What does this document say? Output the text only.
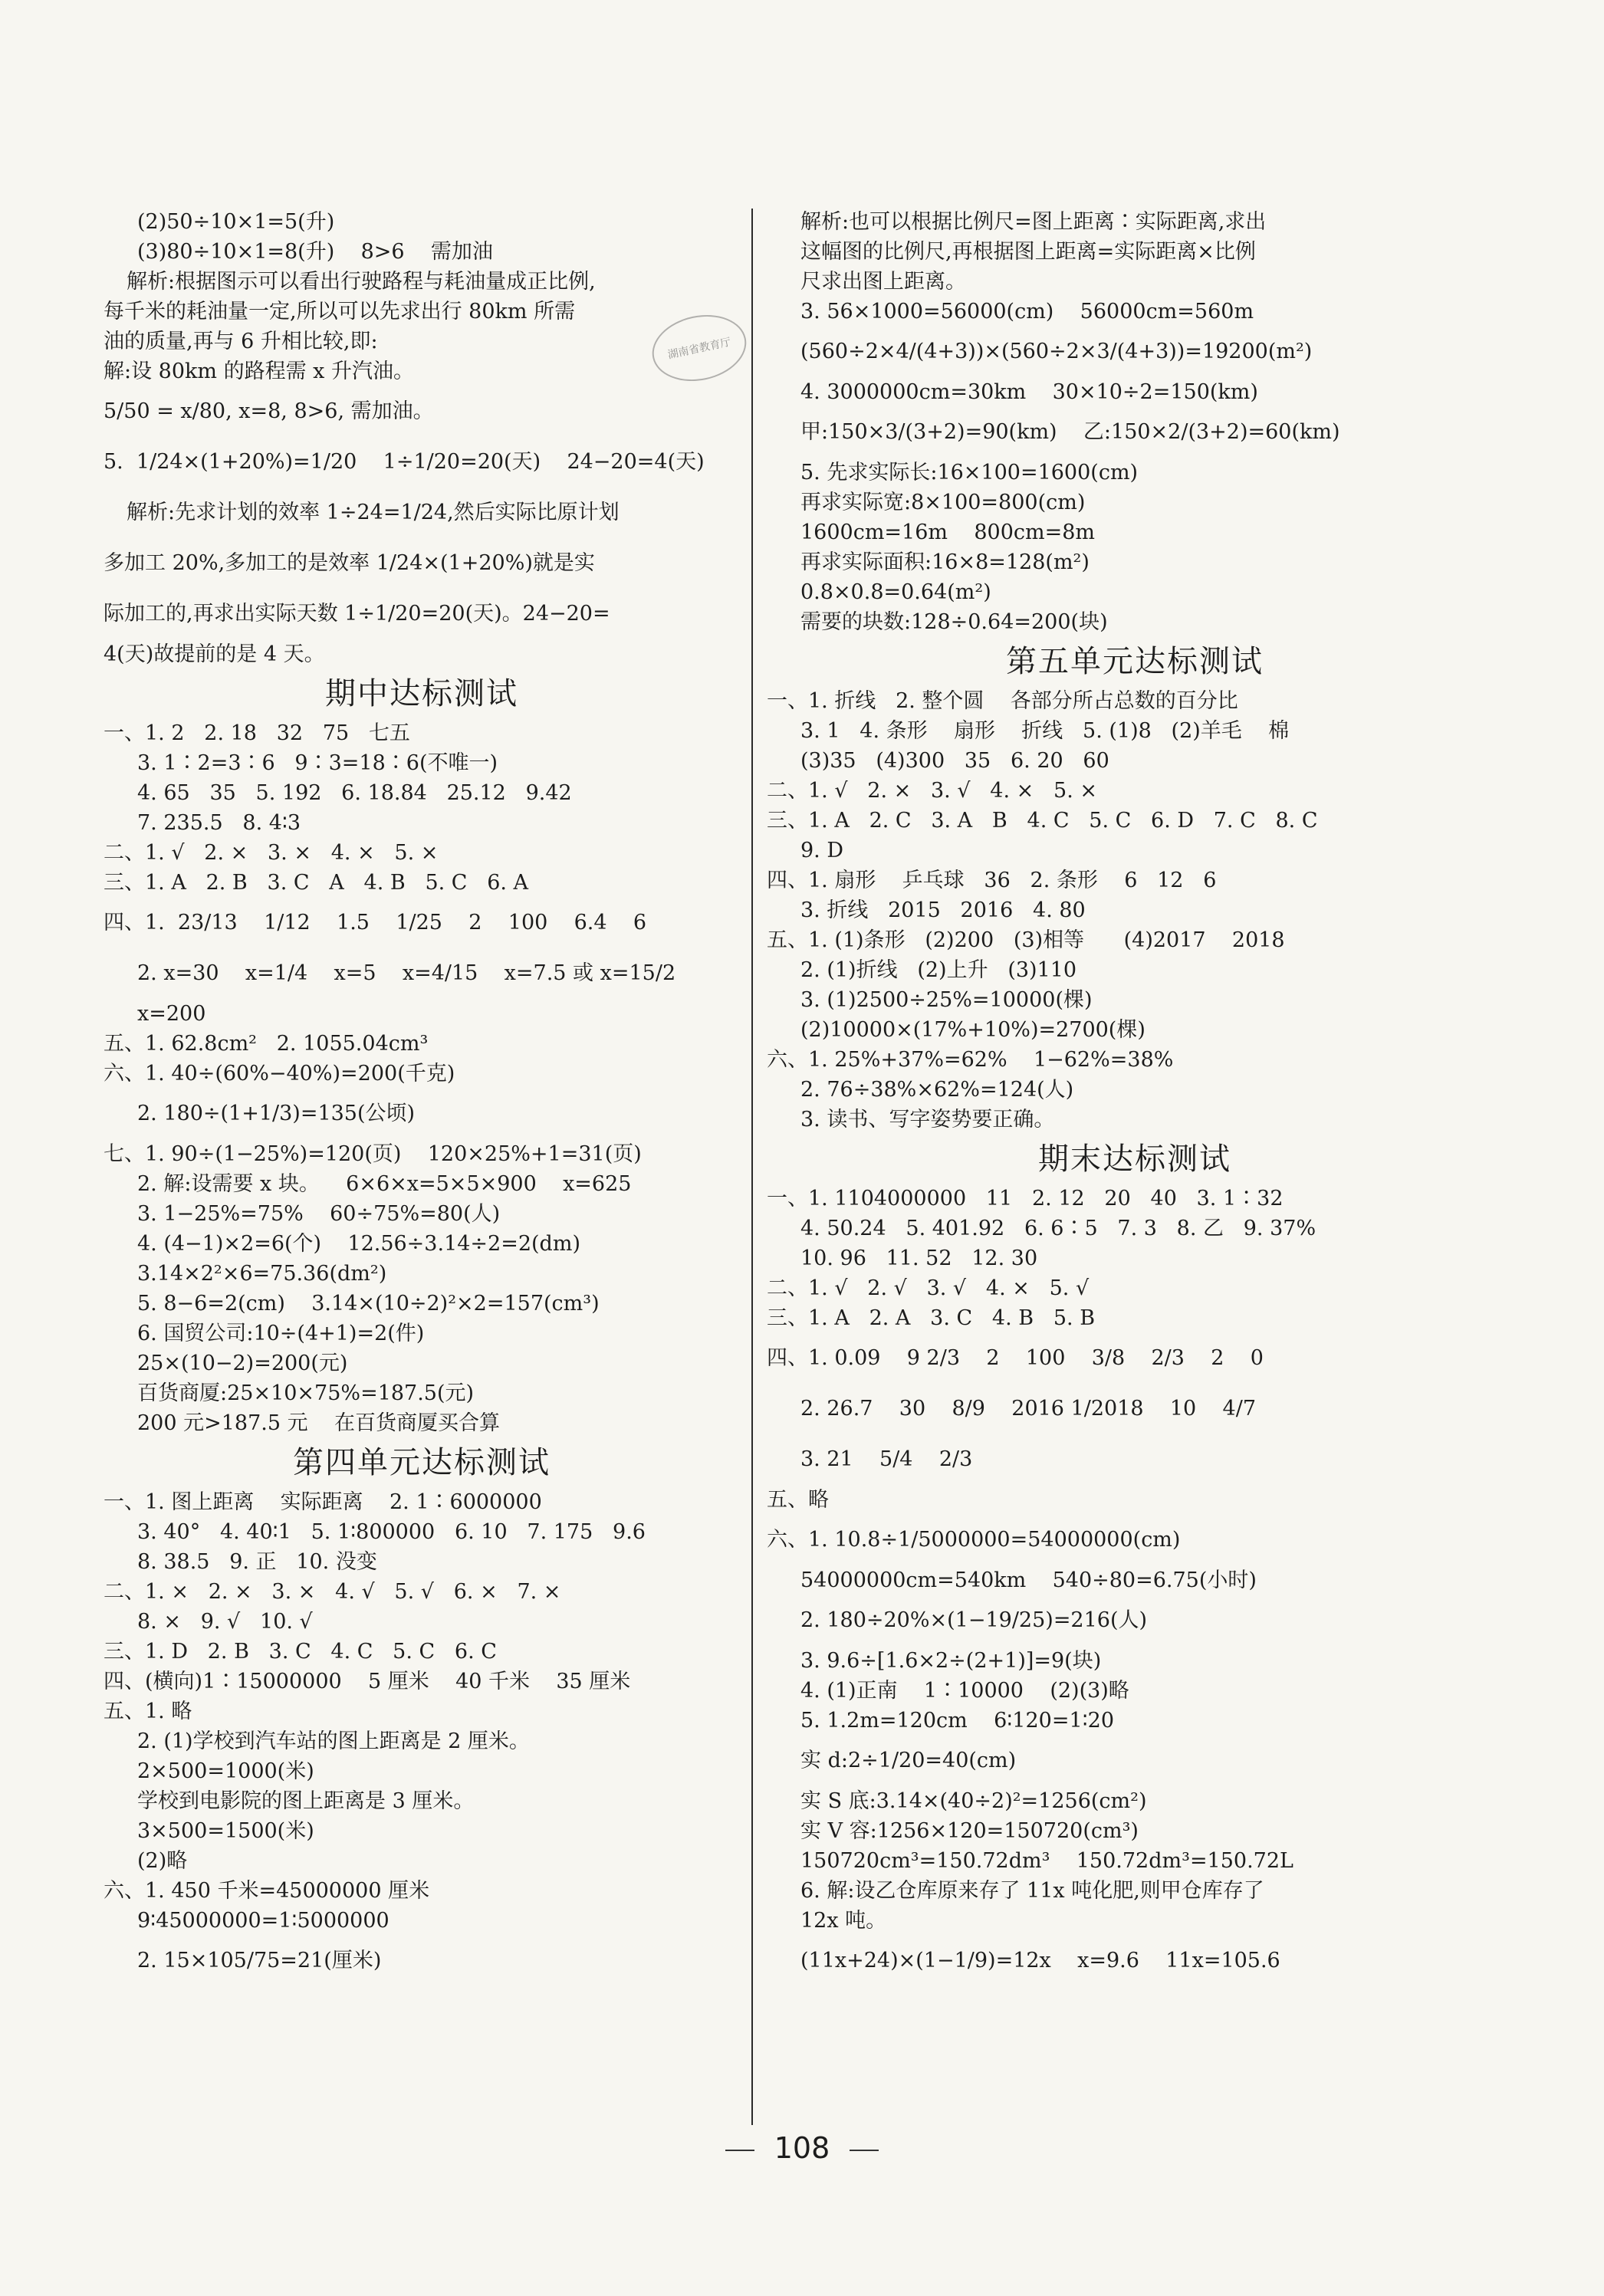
湖南省教育厅
(2)50÷10×1=5(升)
(3)80÷10×1=8(升)    8>6    需加油
解析:根据图示可以看出行驶路程与耗油量成正比例,
每千米的耗油量一定,所以可以先求出行 80km 所需
油的质量,再与 6 升相比较,即:
解:设 80km 的路程需 x 升汽油。
5/50 = x/80, x=8, 8>6, 需加油。
5.  1/24×(1+20%)=1/20    1÷1/20=20(天)    24−20=4(天)
解析:先求计划的效率 1÷24=1/24,然后实际比原计划
多加工 20%,多加工的是效率 1/24×(1+20%)就是实
际加工的,再求出实际天数 1÷1/20=20(天)。24−20=
4(天)故提前的是 4 天。
期中达标测试
一、1. 2   2. 18   32   75   七五
3. 1∶2=3∶6   9∶3=18∶6(不唯一)
4. 65   35   5. 192   6. 18.84   25.12   9.42
7. 235.5   8. 4∶3
二、1. √   2. ×   3. ×   4. ×   5. ×
三、1. A   2. B   3. C   A   4. B   5. C   6. A
四、1.  23/13    1/12    1.5    1/25    2    100    6.4    6
2. x=30    x=1/4    x=5    x=4/15    x=7.5 或 x=15/2
x=200
五、1. 62.8cm²   2. 1055.04cm³
六、1. 40÷(60%−40%)=200(千克)
2. 180÷(1+1/3)=135(公顷)
七、1. 90÷(1−25%)=120(页)    120×25%+1=31(页)
2. 解:设需要 x 块。    6×6×x=5×5×900    x=625
3. 1−25%=75%    60÷75%=80(人)
4. (4−1)×2=6(个)    12.56÷3.14÷2=2(dm)
3.14×2²×6=75.36(dm²)
5. 8−6=2(cm)    3.14×(10÷2)²×2=157(cm³)
6. 国贸公司:10÷(4+1)=2(件)
25×(10−2)=200(元)
百货商厦:25×10×75%=187.5(元)
200 元>187.5 元    在百货商厦买合算
第四单元达标测试
一、1. 图上距离    实际距离    2. 1∶6000000
3. 40°   4. 40∶1   5. 1∶800000   6. 10   7. 175   9.6
8. 38.5   9. 正   10. 没变
二、1. ×   2. ×   3. ×   4. √   5. √   6. ×   7. ×
8. ×   9. √   10. √
三、1. D   2. B   3. C   4. C   5. C   6. C
四、(横向)1∶15000000    5 厘米    40 千米    35 厘米
五、1. 略
2. (1)学校到汽车站的图上距离是 2 厘米。
2×500=1000(米)
学校到电影院的图上距离是 3 厘米。
3×500=1500(米)
(2)略
六、1. 450 千米=45000000 厘米
9∶45000000=1∶5000000
2. 15×105/75=21(厘米)
解析:也可以根据比例尺=图上距离∶实际距离,求出
这幅图的比例尺,再根据图上距离=实际距离×比例
尺求出图上距离。
3. 56×1000=56000(cm)    56000cm=560m
(560÷2×4/(4+3))×(560÷2×3/(4+3))=19200(m²)
4. 3000000cm=30km    30×10÷2=150(km)
甲:150×3/(3+2)=90(km)    乙:150×2/(3+2)=60(km)
5. 先求实际长:16×100=1600(cm)
再求实际宽:8×100=800(cm)
1600cm=16m    800cm=8m
再求实际面积:16×8=128(m²)
0.8×0.8=0.64(m²)
需要的块数:128÷0.64=200(块)
第五单元达标测试
一、1. 折线   2. 整个圆    各部分所占总数的百分比
3. 1   4. 条形    扇形    折线   5. (1)8   (2)羊毛    棉
(3)35   (4)300   35   6. 20   60
二、1. √   2. ×   3. √   4. ×   5. ×
三、1. A   2. C   3. A   B   4. C   5. C   6. D   7. C   8. C
9. D
四、1. 扇形    乒乓球   36   2. 条形    6   12   6
3. 折线   2015   2016   4. 80
五、1. (1)条形   (2)200   (3)相等      (4)2017    2018
2. (1)折线   (2)上升   (3)110
3. (1)2500÷25%=10000(棵)
(2)10000×(17%+10%)=2700(棵)
六、1. 25%+37%=62%    1−62%=38%
2. 76÷38%×62%=124(人)
3. 读书、写字姿势要正确。
期末达标测试
一、1. 1104000000   11   2. 12   20   40   3. 1∶32
4. 50.24   5. 401.92   6. 6∶5   7. 3   8. 乙   9. 37%
10. 96   11. 52   12. 30
二、1. √   2. √   3. √   4. ×   5. √
三、1. A   2. A   3. C   4. B   5. B
四、1. 0.09    9 2/3    2    100    3/8    2/3    2    0
2. 26.7    30    8/9    2016 1/2018    10    4/7
3. 21    5/4    2/3
五、略
六、1. 10.8÷1/5000000=54000000(cm)
54000000cm=540km    540÷80=6.75(小时)
2. 180÷20%×(1−19/25)=216(人)
3. 9.6÷[1.6×2÷(2+1)]=9(块)
4. (1)正南    1∶10000    (2)(3)略
5. 1.2m=120cm    6∶120=1∶20
实 d:2÷1/20=40(cm)
实 S 底:3.14×(40÷2)²=1256(cm²)
实 V 容:1256×120=150720(cm³)
150720cm³=150.72dm³    150.72dm³=150.72L
6. 解:设乙仓库原来存了 11x 吨化肥,则甲仓库存了
12x 吨。
(11x+24)×(1−1/9)=12x    x=9.6    11x=105.6
108
